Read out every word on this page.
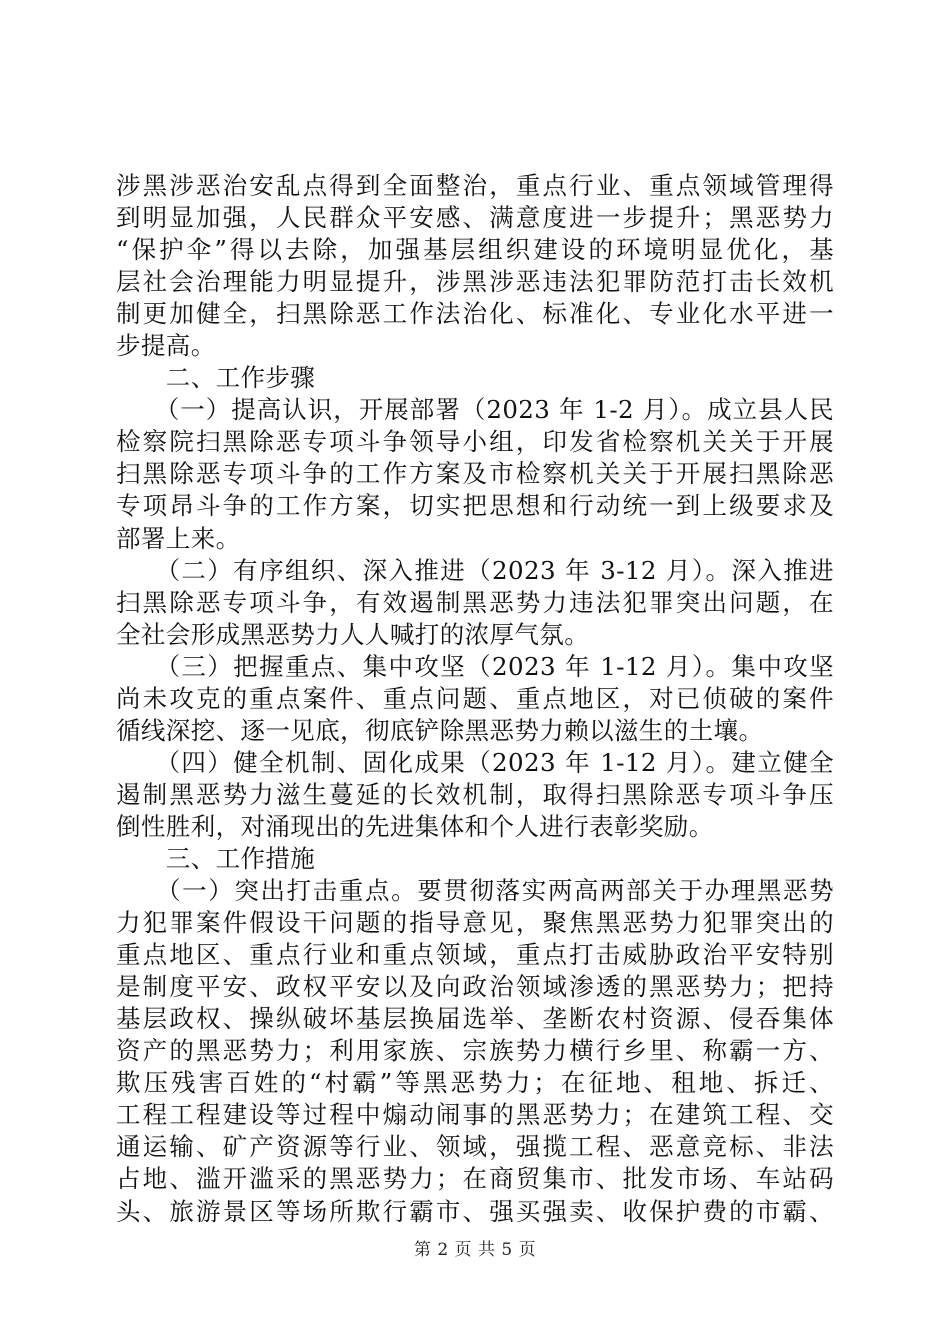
涉黑涉恶治安乱点得到全面整治，重点行业、重点领域管理得
到明显加强，人民群众平安感、满意度进一步提升；黑恶势力
“保护伞”得以去除，加强基层组织建设的环境明显优化，基
层社会治理能力明显提升，涉黑涉恶违法犯罪防范打击长效机
制更加健全，扫黑除恶工作法治化、标准化、专业化水平进一
步提高。
　　二、工作步骤
　　（一）提高认识，开展部署（2023 年 1-2 月）。成立县人民
检察院扫黑除恶专项斗争领导小组，印发省检察机关关于开展
扫黑除恶专项斗争的工作方案及市检察机关关于开展扫黑除恶
专项昂斗争的工作方案，切实把思想和行动统一到上级要求及
部署上来。
　　（二）有序组织、深入推进（2023 年 3-12 月）。深入推进
扫黑除恶专项斗争，有效遏制黑恶势力违法犯罪突出问题，在
全社会形成黑恶势力人人喊打的浓厚气氛。
　　（三）把握重点、集中攻坚（2023 年 1-12 月）。集中攻坚
尚未攻克的重点案件、重点问题、重点地区，对已侦破的案件
循线深挖、逐一见底，彻底铲除黑恶势力赖以滋生的土壤。
　　（四）健全机制、固化成果（2023 年 1-12 月）。建立健全
遏制黑恶势力滋生蔓延的长效机制，取得扫黑除恶专项斗争压
倒性胜利，对涌现出的先进集体和个人进行表彰奖励。
　　三、工作措施
　　（一）突出打击重点。要贯彻落实两高两部关于办理黑恶势
力犯罪案件假设干问题的指导意见，聚焦黑恶势力犯罪突出的
重点地区、重点行业和重点领域，重点打击威胁政治平安特别
是制度平安、政权平安以及向政治领域渗透的黑恶势力；把持
基层政权、操纵破坏基层换届选举、垄断农村资源、侵吞集体
资产的黑恶势力；利用家族、宗族势力横行乡里、称霸一方、
欺压残害百姓的“村霸”等黑恶势力；在征地、租地、拆迁、
工程工程建设等过程中煽动闹事的黑恶势力；在建筑工程、交
通运输、矿产资源等行业、领域，强揽工程、恶意竞标、非法
占地、滥开滥采的黑恶势力；在商贸集市、批发市场、车站码
头、旅游景区等场所欺行霸市、强买强卖、收保护费的市霸、
第 2 页 共 5 页
